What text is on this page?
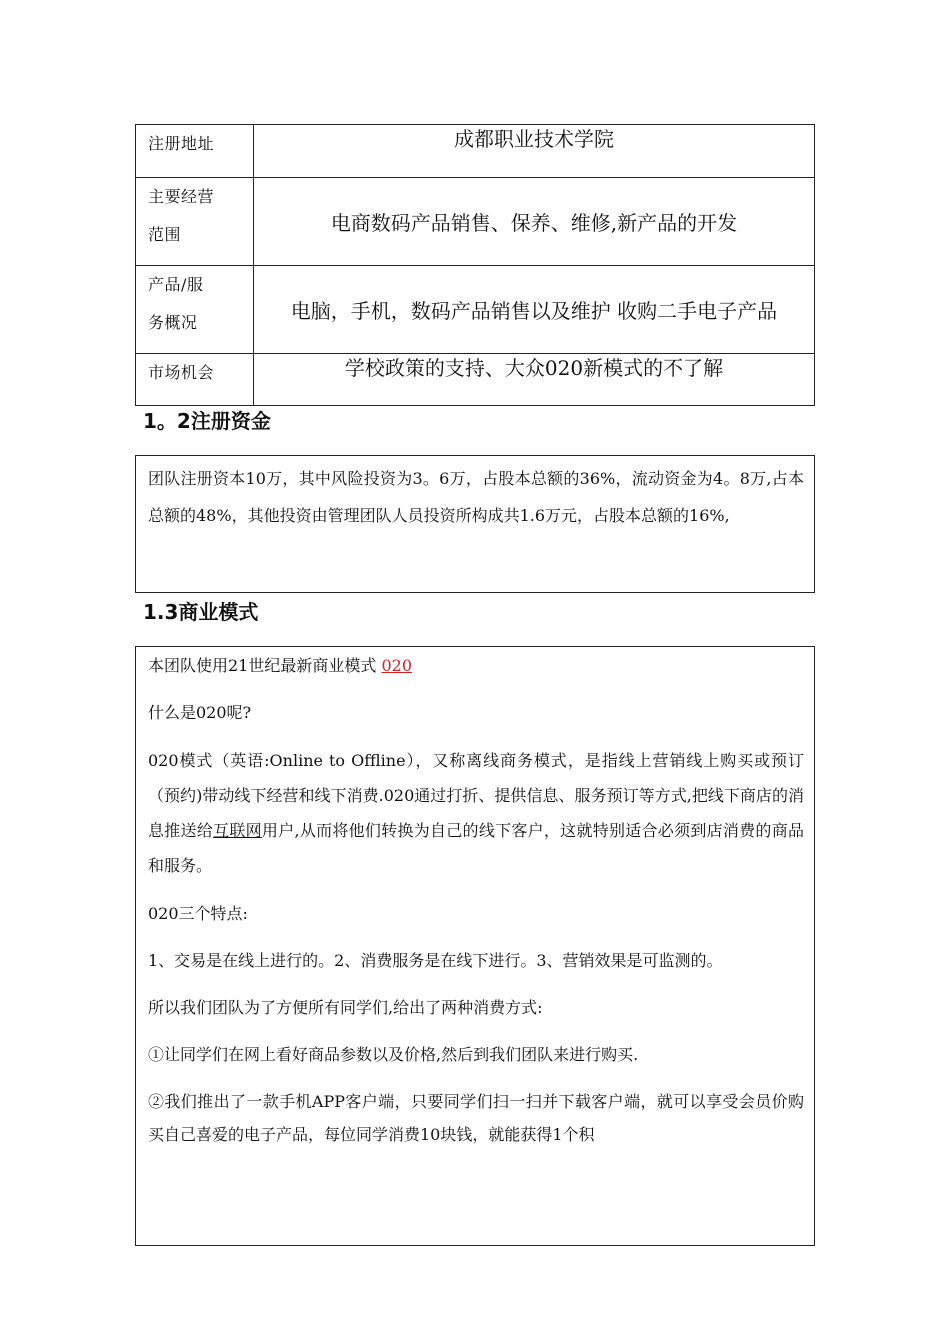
注册地址	成都职业技术学院

主要经营
范围	电商数码产品销售、保养、维修,新产品的开发

产品/服
务概况	电脑，手机，数码产品销售以及维护 收购二手电子产品
市场机会	学校政策的支持、大众020新模式的不了解
1。2注册资金
团队注册资本10万，其中风险投资为3。6万，占股本总额的36%，流动资金为4。8万,占本总额的48%，其他投资由管理团队人员投资所构成共1.6万元，占股本总额的16%,
1.3商业模式

本团队使用21世纪最新商业模式 020

什么是020呢?

020模式（英语:Online to Offline），又称离线商务模式，是指线上营销线上购买或预订（预约)带动线下经营和线下消费.020通过打折、提供信息、服务预订等方式,把线下商店的消息推送给互联网用户,从而将他们转换为自己的线下客户，这就特别适合必须到店消费的商品和服务。

020三个特点:

1、交易是在线上进行的。2、消费服务是在线下进行。3、营销效果是可监测的。

所以我们团队为了方便所有同学们,给出了两种消费方式:

①让同学们在网上看好商品参数以及价格,然后到我们团队来进行购买.

②我们推出了一款手机APP客户端，只要同学们扫一扫并下载客户端，就可以享受会员价购买自己喜爱的电子产品，每位同学消费10块钱，就能获得1个积
